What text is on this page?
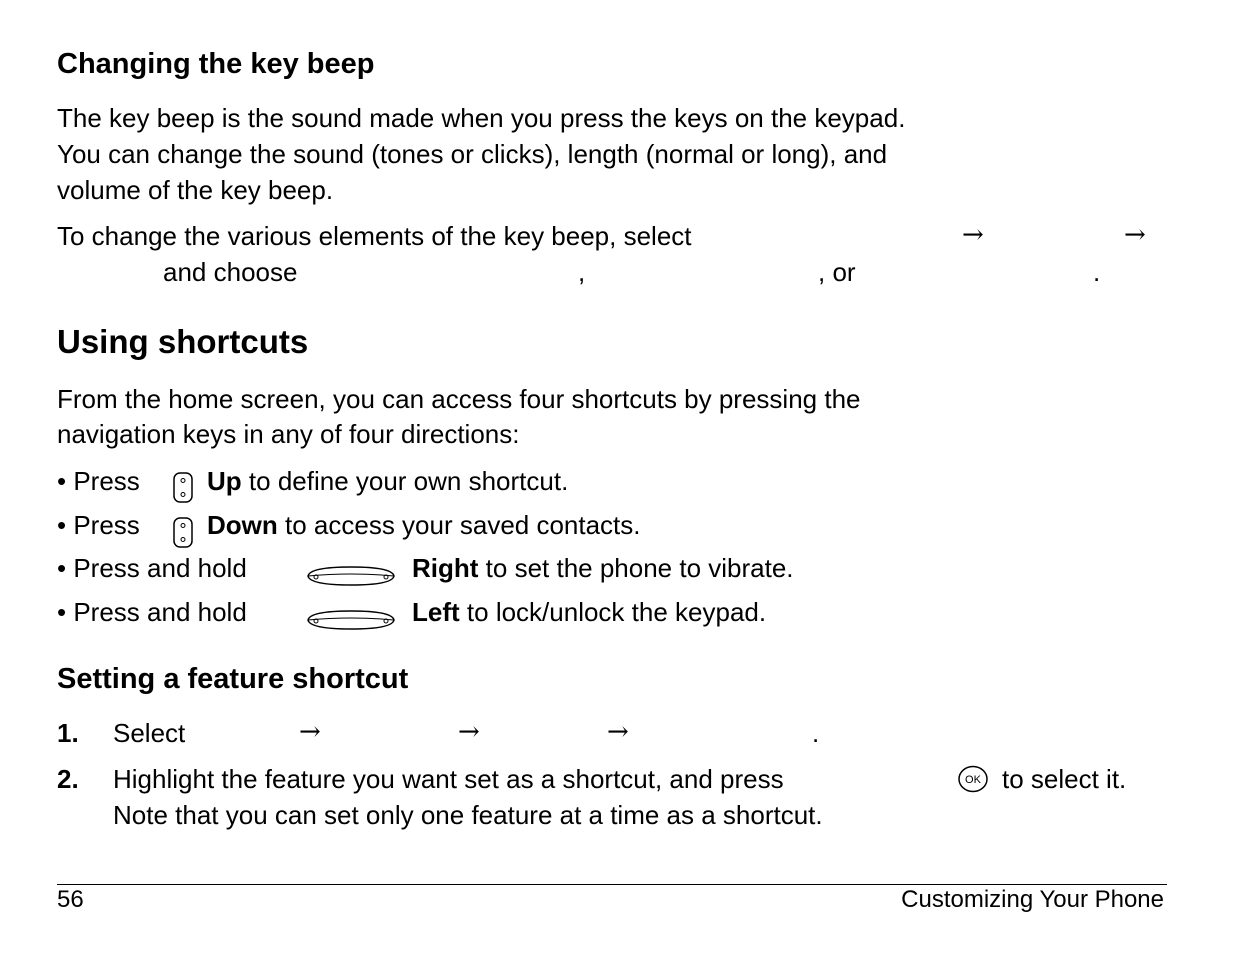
Changing the key beep
The key beep is the sound made when you press the keys on the keypad.
You can change the sound (tones or clicks), length (normal or long), and
volume of the key beep.
To change the various elements of the key beep, select	→	→
and choose	,	, or	.
Using shortcuts
From the home screen, you can access four shortcuts by pressing the
navigation keys in any of four directions:
• Press	Up to define your own shortcut.
• Press	Down to access your saved contacts.
• Press and hold	Right to set the phone to vibrate.
• Press and hold	Left to lock/unlock the keypad.
Setting a feature shortcut
1. Select	→	→	→	.
2. Highlight the feature you want set as a shortcut, and press	OK to select it.
Note that you can set only one feature at a time as a shortcut.
56	Customizing Your Phone
